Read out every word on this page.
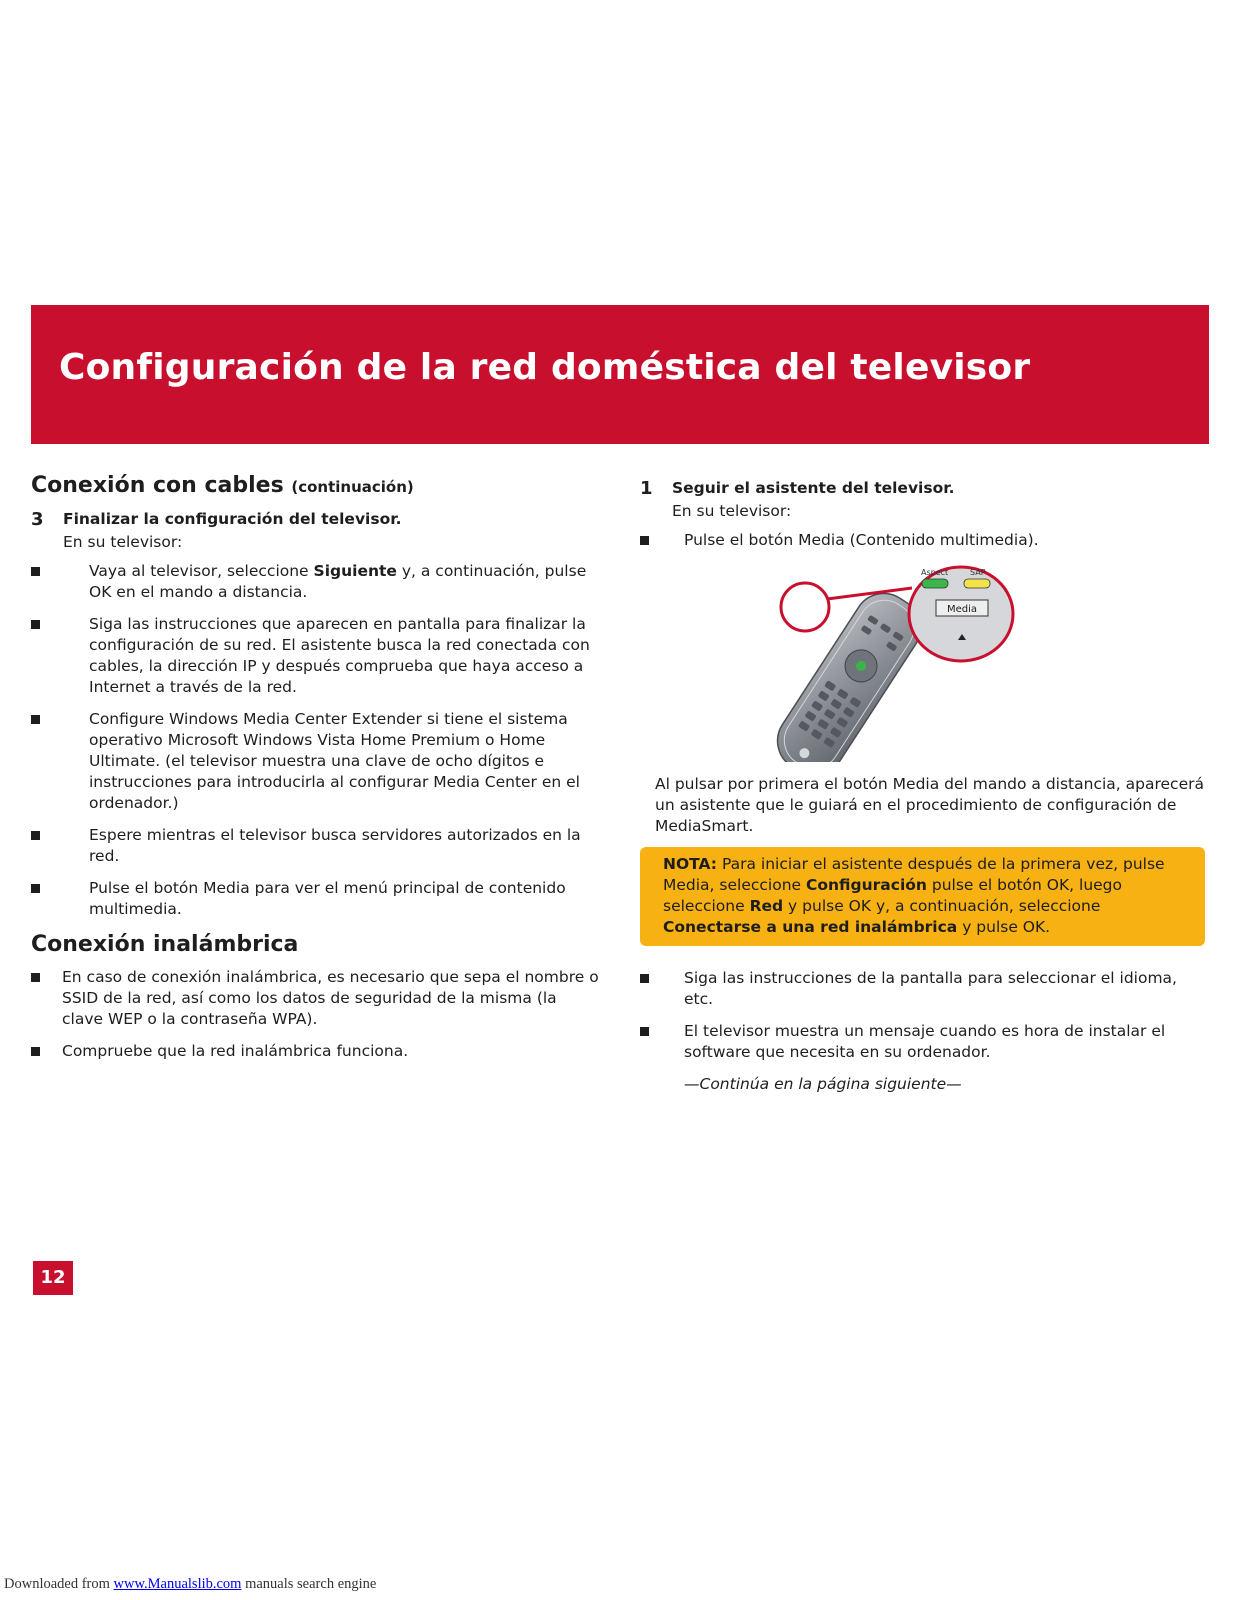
Configuración de la red doméstica del televisor
Conexión con cables (continuación)

3 Finalizar la configuración del televisor.

En su televisor:

Vaya al televisor, seleccione Siguiente y, a continuación, pulse OK en el mando a distancia.
Siga las instrucciones que aparecen en pantalla para finalizar la configuración de su red. El asistente busca la red conectada con cables, la dirección IP y después comprueba que haya acceso a Internet a través de la red.
Configure Windows Media Center Extender si tiene el sistema operativo Microsoft Windows Vista Home Premium o Home Ultimate. (el televisor muestra una clave de ocho dígitos e instrucciones para introducirla al configurar Media Center en el ordenador.)
Espere mientras el televisor busca servidores autorizados en la red.
Pulse el botón Media para ver el menú principal de contenido multimedia.
Conexión inalámbrica
En caso de conexión inalámbrica, es necesario que sepa el nombre o SSID de la red, así como los datos de seguridad de la misma (la clave WEP o la contraseña WPA).
Compruebe que la red inalámbrica funciona.

1 Seguir el asistente del televisor.

En su televisor:

Pulse el botón Media (Contenido multimedia).
Aspect	SAP
Media

Al pulsar por primera el botón Media del mando a distancia, aparecerá un asistente que le guiará en el procedimiento de configuración de MediaSmart.

NOTA: Para iniciar el asistente después de la primera vez, pulse Media, seleccione Configuración pulse el botón OK, luego seleccione Red y pulse OK y, a continuación, seleccione Conectarse a una red inalámbrica y pulse OK.
Siga las instrucciones de la pantalla para seleccionar el idioma, etc.
El televisor muestra un mensaje cuando es hora de instalar el software que necesita en su ordenador.

—Continúa en la página siguiente—

12
Downloaded from www.Manualslib.com manuals search engine
